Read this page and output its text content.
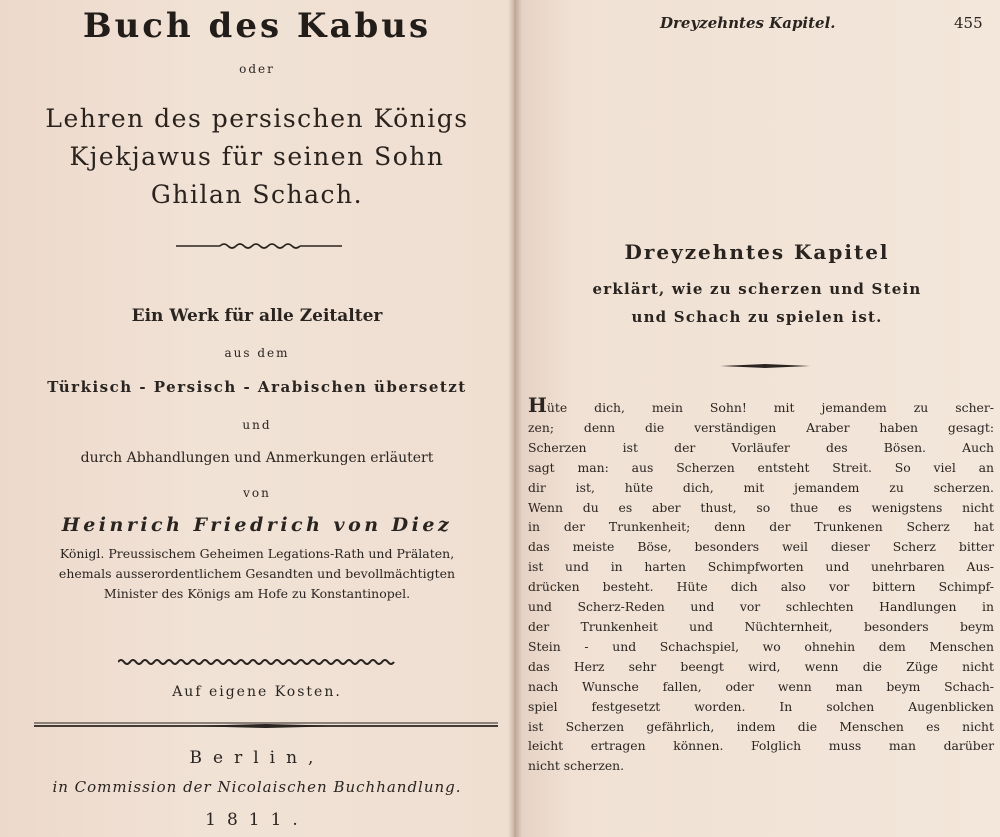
Buch des Kabus
oder
Lehren des persischen Königs
Kjekjawus für seinen Sohn
Ghilan Schach.
Ein Werk für alle Zeitalter
aus dem
Türkisch - Persisch - Arabischen übersetzt
und
durch Abhandlungen und Anmerkungen erläutert
von
Heinrich Friedrich von Diez
Königl. Preussischem Geheimen Legations-Rath und Prälaten,
ehemals ausserordentlichem Gesandten und bevollmächtigten
Minister des Königs am Hofe zu Konstantinopel.
Auf eigene Kosten.
Berlin,
in Commission der Nicolaischen Buchhandlung.
1811.
Dreyzehntes Kapitel.	455
Dreyzehntes Kapitel
erklärt, wie zu scherzen und Stein
und Schach zu spielen ist.
Hüte dich, mein Sohn! mit jemandem zu scher-
zen; denn die verständigen Araber haben gesagt:
Scherzen ist der Vorläufer des Bösen. Auch
sagt man: aus Scherzen entsteht Streit. So viel an
dir ist, hüte dich, mit jemandem zu scherzen.
Wenn du es aber thust, so thue es wenigstens nicht
in der Trunkenheit; denn der Trunkenen Scherz hat
das meiste Böse, besonders weil dieser Scherz bitter
ist und in harten Schimpfworten und unehrbaren Aus-
drücken besteht. Hüte dich also vor bittern Schimpf-
und Scherz-Reden und vor schlechten Handlungen in
der Trunkenheit und Nüchternheit, besonders beym
Stein - und Schachspiel, wo ohnehin dem Menschen
das Herz sehr beengt wird, wenn die Züge nicht
nach Wunsche fallen, oder wenn man beym Schach-
spiel festgesetzt worden. In solchen Augenblicken
ist Scherzen gefährlich, indem die Menschen es nicht
leicht ertragen können. Folglich muss man darüber
nicht scherzen.
